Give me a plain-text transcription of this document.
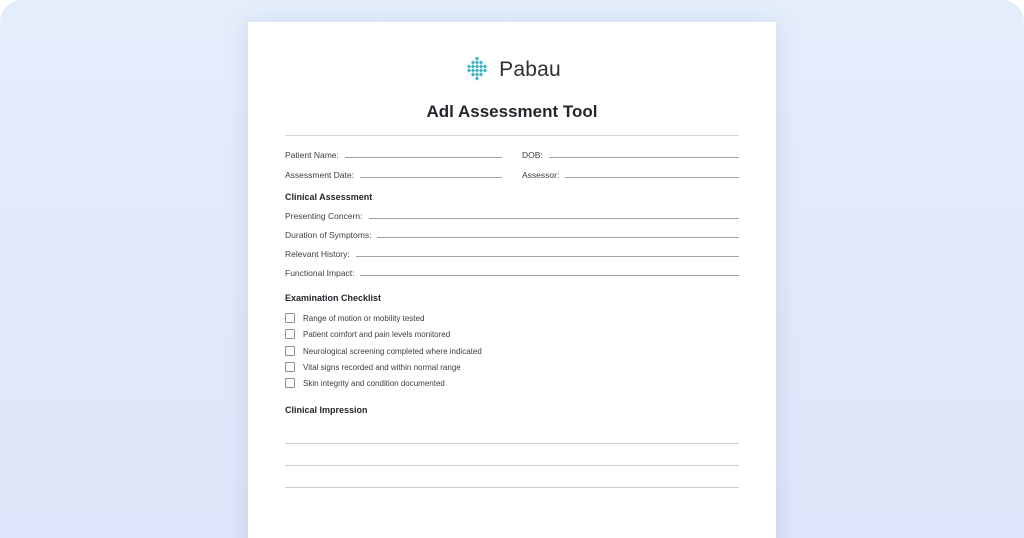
Pabau
Adl Assessment Tool
Patient Name:	DOB:
Assessment Date:	Assessor:
Clinical Assessment
Presenting Concern:
Duration of Symptoms:
Relevant History:
Functional Impact:
Examination Checklist
Range of motion or mobility tested
Patient comfort and pain levels monitored
Neurological screening completed where indicated
Vital signs recorded and within normal range
Skin integrity and condition documented
Clinical Impression
